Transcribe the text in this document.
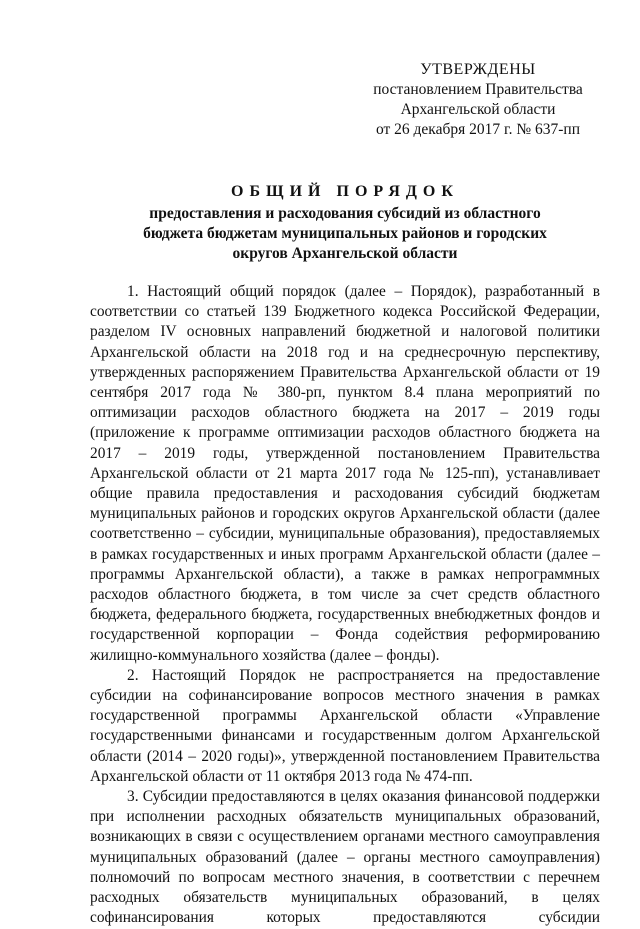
УТВЕРЖДЕНЫ
постановлением Правительства
Архангельской области
от 26 декабря 2017 г. № 637-пп
ОБЩИЙ ПОРЯДОК
предоставления и расходования субсидий из областного
бюджета бюджетам муниципальных районов и городских
округов Архангельской области

1. Настоящий общий порядок (далее – Порядок), разработанный в соответствии со статьей 139 Бюджетного кодекса Российской Федерации, разделом IV основных направлений бюджетной и налоговой политики Архангельской области на 2018 год и на среднесрочную перспективу, утвержденных распоряжением Правительства Архангельской области от 19 сентября 2017 года № 380-рп, пунктом 8.4 плана мероприятий по оптимизации расходов областного бюджета на 2017 – 2019 годы (приложение к программе оптимизации расходов областного бюджета на 2017 – 2019 годы, утвержденной постановлением Правительства Архангельской области от 21 марта 2017 года № 125-пп), устанавливает общие правила предоставления и расходования субсидий бюджетам муниципальных районов и городских округов Архангельской области (далее соответственно – субсидии, муниципальные образования), предоставляемых в рамках государственных и иных программ Архангельской области (далее – программы Архангельской области), а также в рамках непрограммных расходов областного бюджета, в том числе за счет средств областного бюджета, федерального бюджета, государственных внебюджетных фондов и государственной корпорации – Фонда содействия реформированию жилищно-коммунального хозяйства (далее – фонды).

2. Настоящий Порядок не распространяется на предоставление субсидии на софинансирование вопросов местного значения в рамках государственной программы Архангельской области «Управление государственными финансами и государственным долгом Архангельской области (2014 – 2020 годы)», утвержденной постановлением Правительства Архангельской области от 11 октября 2013 года № 474-пп.

3. Субсидии предоставляются в целях оказания финансовой поддержки при исполнении расходных обязательств муниципальных образований, возникающих в связи с осуществлением органами местного самоуправления муниципальных образований (далее – органы местного самоуправления) полномочий по вопросам местного значения, в соответствии с перечнем расходных обязательств муниципальных образований, в целях софинансирования которых предоставляются субсидии
